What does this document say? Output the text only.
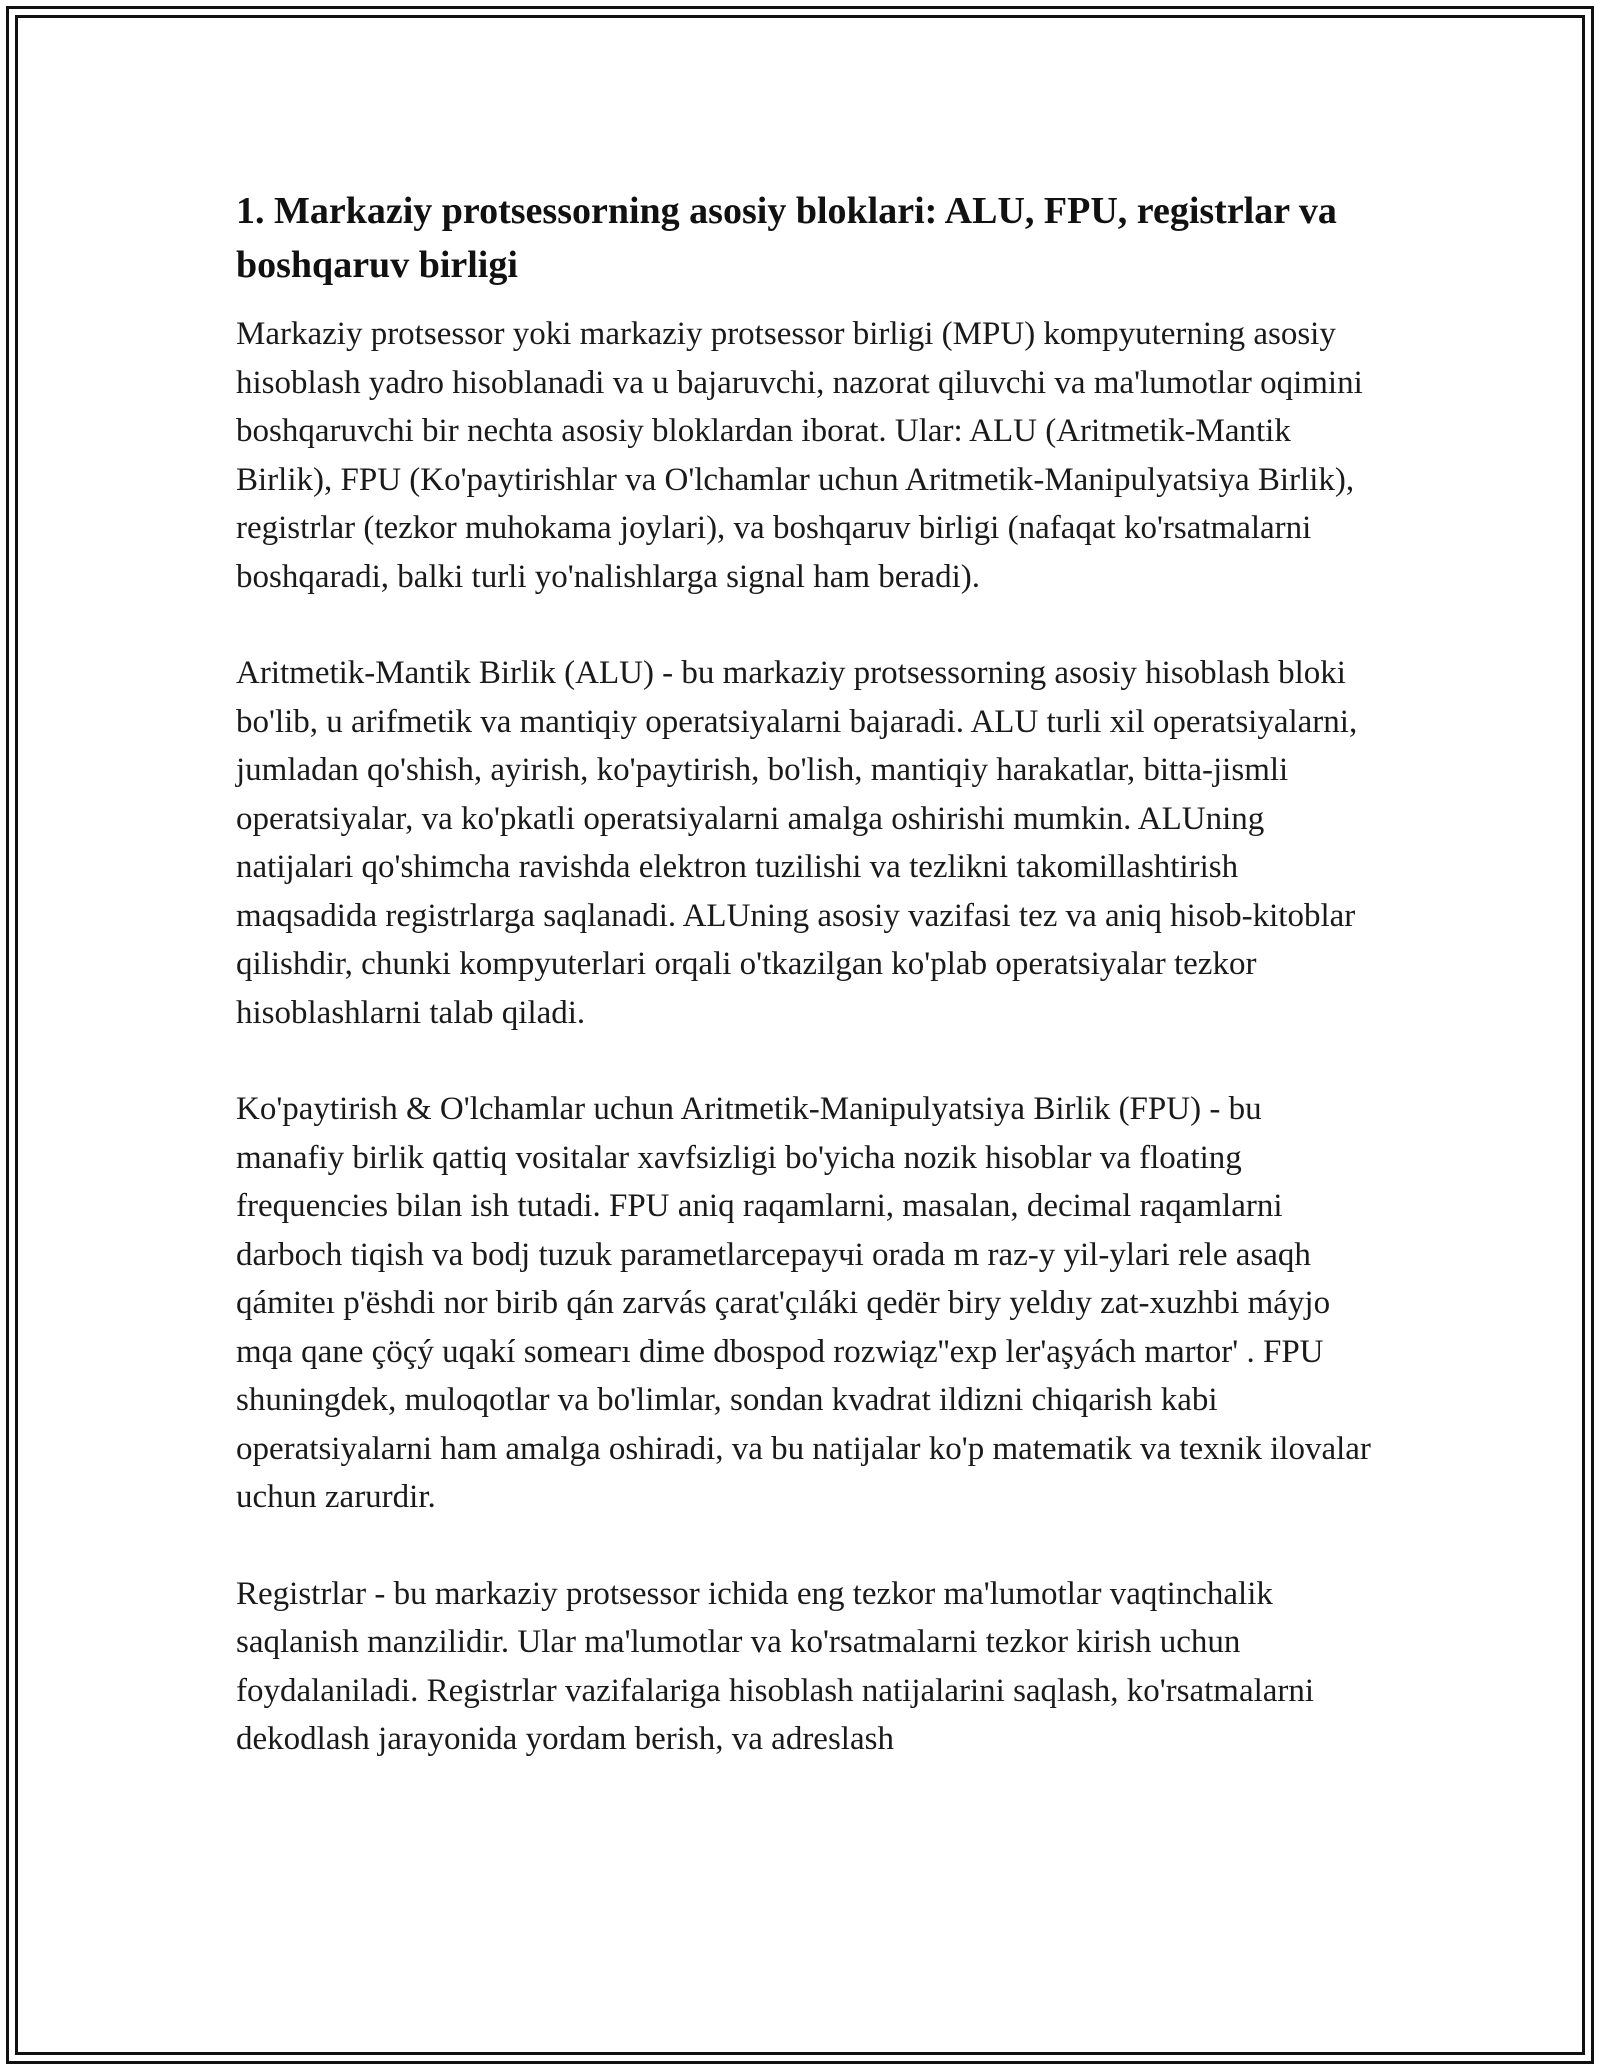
1. Markaziy protsessorning asosiy bloklari: ALU, FPU, registrlar va boshqaruv birligi

Markaziy protsessor yoki markaziy protsessor birligi (MPU) kompyuterning asosiy hisoblash yadro hisoblanadi va u bajaruvchi, nazorat qiluvchi va ma'lumotlar oqimini boshqaruvchi bir nechta asosiy bloklardan iborat. Ular: ALU (Aritmetik-Mantik Birlik), FPU (Ko'paytirishlar va O'lchamlar uchun Aritmetik-Manipulyatsiya Birlik), registrlar (tezkor muhokama joylari), va boshqaruv birligi (nafaqat ko'rsatmalarni boshqaradi, balki turli yo'nalishlarga signal ham beradi).

Aritmetik-Mantik Birlik (ALU) - bu markaziy protsessorning asosiy hisoblash bloki bo'lib, u arifmetik va mantiqiy operatsiyalarni bajaradi. ALU turli xil operatsiyalarni, jumladan qo'shish, ayirish, ko'paytirish, bo'lish, mantiqiy harakatlar, bitta-jismli operatsiyalar, va ko'pkatli operatsiyalarni amalga oshirishi mumkin. ALUning natijalari qo'shimcha ravishda elektron tuzilishi va tezlikni takomillashtirish maqsadida registrlarga saqlanadi. ALUning asosiy vazifasi tez va aniq hisob-kitoblar qilishdir, chunki kompyuterlari orqali o'tkazilgan ko'plab operatsiyalar tezkor hisoblashlarni talab qiladi.

Ko'paytirish & O'lchamlar uchun Aritmetik-Manipulyatsiya Birlik (FPU) - bu manafiy birlik qattiq vositalar xavfsizligi bo'yicha nozik hisoblar va floating frequencies bilan ish tutadi. FPU aniq raqamlarni, masalan, decimal raqamlarni darboch tiqish va bodj tuzuk parametlarcepaучi orada m raz-y yil-ylari rele asaqh qámiteı p'ëshdi nor birib qán zarvás çarat'çıláki qedër biry yeldıy zat-xuzhbi máyjo mqa qane çöçý uqakí someaгı dime dbospod rozwiąz''exp ler'aşyách martor' . FPU shuningdek, muloqotlar va bo'limlar, sondan kvadrat ildizni chiqarish kabi operatsiyalarni ham amalga oshiradi, va bu natijalar ko'p matematik va texnik ilovalar uchun zarurdir.

Registrlar - bu markaziy protsessor ichida eng tezkor ma'lumotlar vaqtinchalik saqlanish manzilidir. Ular ma'lumotlar va ko'rsatmalarni tezkor kirish uchun foydalaniladi. Registrlar vazifalariga hisoblash natijalarini saqlash, ko'rsatmalarni dekodlash jarayonida yordam berish, va adreslash
